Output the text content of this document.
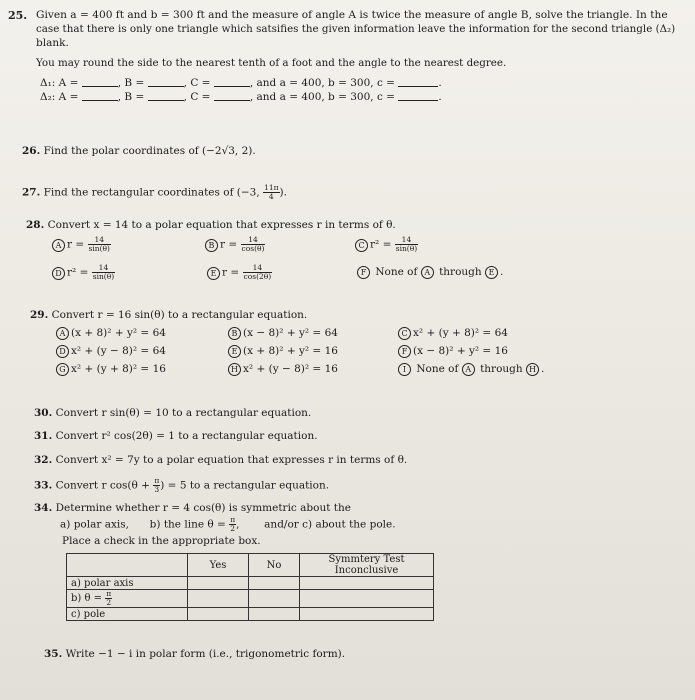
25. Given a = 400 ft and b = 300 ft and the measure of angle A is twice the measure of angle B, solve the triangle. In the
case that there is only one triangle which satsifies the given information leave the information for the second triangle (Δ₂)
blank.
You may round the side to the nearest tenth of a foot and the angle to the nearest degree.
Δ₁: A =	, B =	, C =	, and a = 400, b = 300, c =	.
Δ₂: A =	, B =	, C =	, and a = 400, b = 300, c =	.
26. Find the polar coordinates of (−2√3, 2).
27. Find the rectangular coordinates of (−3, $\frac{11\pi}{4}$ ).
28. Convert x = 14 to a polar equation that expresses r in terms of θ.
A $r = \frac{14}{\sin(\theta)}$	B $r = \frac{14}{\cos(\theta)}$	C $r^2 = \frac{14}{\sin(\theta)}$
D $r^2 = \frac{14}{\sin(\theta)}$	E $r = \frac{14}{\cos(2\theta)}$	F None of A through E .
29. Convert r = 16 sin(θ) to a rectangular equation.
A (x + 8)² + y² = 64	B (x − 8)² + y² = 64	C x² + (y + 8)² = 64
D x² + (y − 8)² = 64	E (x + 8)² + y² = 16	F (x − 8)² + y² = 16
G x² + (y + 8)² = 16	H x² + (y − 8)² = 16	I None of A through H .
30. Convert r sin(θ) = 10 to a rectangular equation.
31. Convert r² cos(2θ) = 1 to a rectangular equation.
32. Convert x² = 7y to a polar equation that expresses r in terms of θ.
33. Convert r $\cos(\theta + \frac{\pi}{3}$ ) = 5 to a rectangular equation.
34. Determine whether r = 4 cos(θ) is symmetric about the
a) polar axis, b) the line $\theta = \frac{\pi}{2}$ , and/or c) about the pole.
Place a check in the appropriate box.
	Yes	No	Symmtery Test Inconclusive
a) polar axis			
b) $\theta = \frac{\pi}{2}$

c) pole			
35. Write −1 − i in polar form (i.e., trigonometric form).
